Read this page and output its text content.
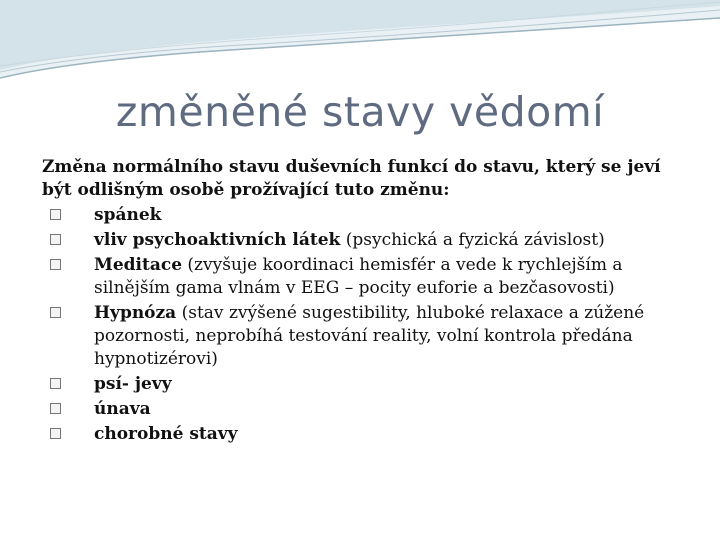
změněné stavy vědomí

Změna normálního stavu duševních funkcí do stavu, který se jeví být odlišným osobě prožívající tuto změnu:

spánek
vliv psychoaktivních látek (psychická a fyzická závislost)
Meditace (zvyšuje koordinaci hemisfér a vede k rychlejším a silnějším gama vlnám v EEG – pocity euforie a bezčasovosti)
Hypnóza (stav zvýšené sugestibility, hluboké relaxace a zúžené pozornosti, neprobíhá testování reality, volní kontrola předána hypnotizérovi)
psí- jevy
únava
chorobné stavy
